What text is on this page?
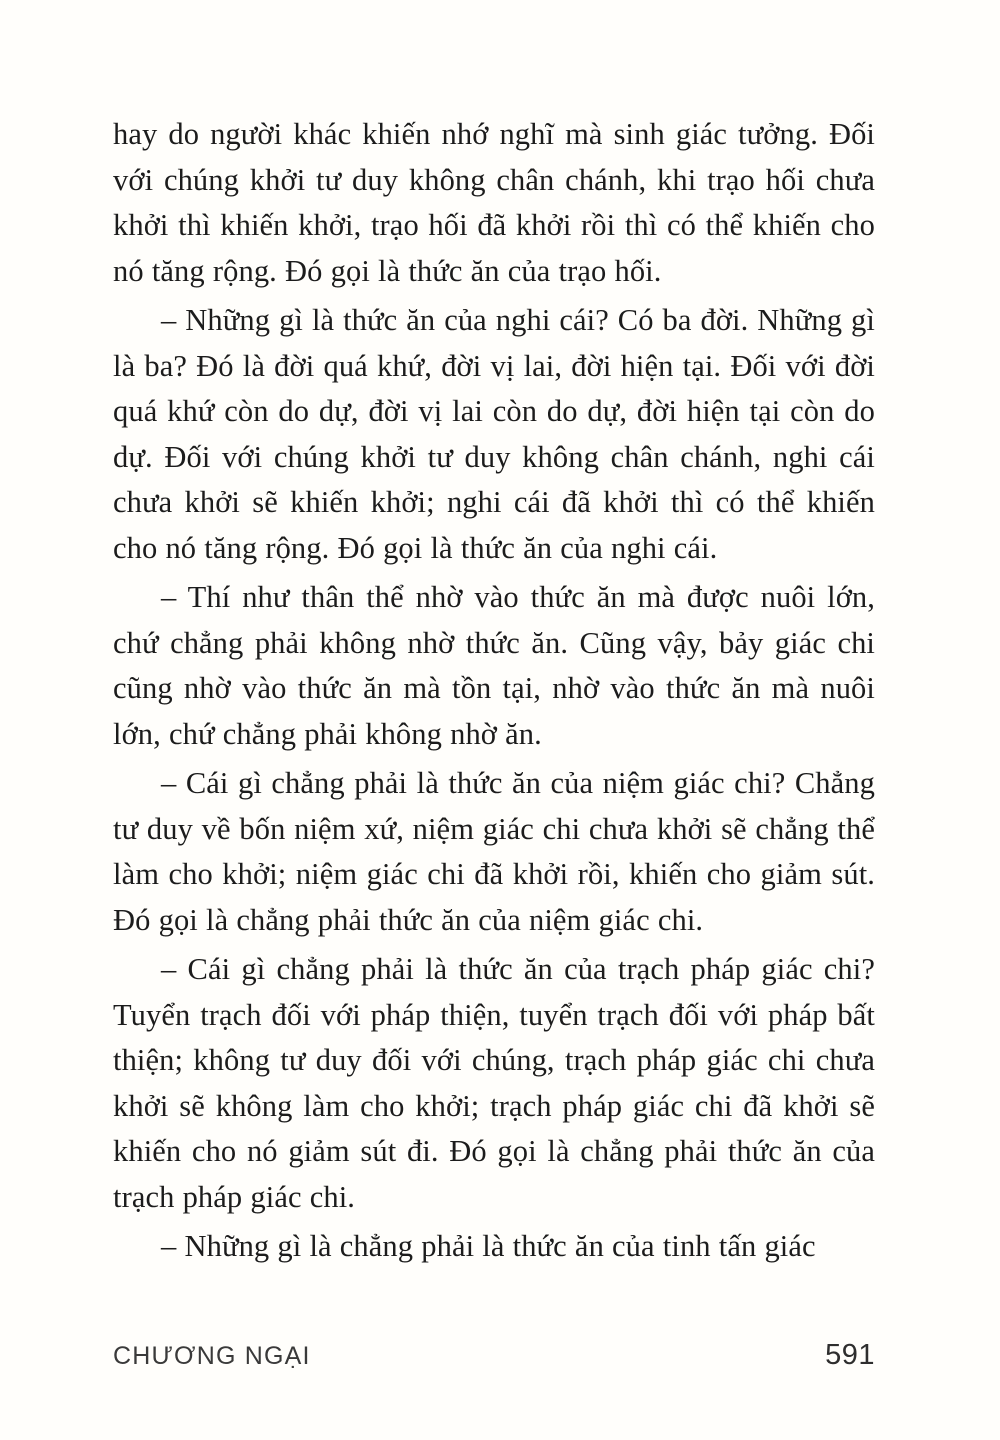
hay do người khác khiến nhớ nghĩ mà sinh giác tưởng. Đối với chúng khởi tư duy không chân chánh, khi trạo hối chưa khởi thì khiến khởi, trạo hối đã khởi rồi thì có thể khiến cho nó tăng rộng. Đó gọi là thức ăn của trạo hối.

– Những gì là thức ăn của nghi cái? Có ba đời. Những gì là ba? Đó là đời quá khứ, đời vị lai, đời hiện tại. Đối với đời quá khứ còn do dự, đời vị lai còn do dự, đời hiện tại còn do dự. Đối với chúng khởi tư duy không chân chánh, nghi cái chưa khởi sẽ khiến khởi; nghi cái đã khởi thì có thể khiến cho nó tăng rộng. Đó gọi là thức ăn của nghi cái.

– Thí như thân thể nhờ vào thức ăn mà được nuôi lớn, chứ chẳng phải không nhờ thức ăn. Cũng vậy, bảy giác chi cũng nhờ vào thức ăn mà tồn tại, nhờ vào thức ăn mà nuôi lớn, chứ chẳng phải không nhờ ăn.

– Cái gì chẳng phải là thức ăn của niệm giác chi? Chẳng tư duy về bốn niệm xứ, niệm giác chi chưa khởi sẽ chẳng thể làm cho khởi; niệm giác chi đã khởi rồi, khiến cho giảm sút. Đó gọi là chẳng phải thức ăn của niệm giác chi.

– Cái gì chẳng phải là thức ăn của trạch pháp giác chi? Tuyển trạch đối với pháp thiện, tuyển trạch đối với pháp bất thiện; không tư duy đối với chúng, trạch pháp giác chi chưa khởi sẽ không làm cho khởi; trạch pháp giác chi đã khởi sẽ khiến cho nó giảm sút đi. Đó gọi là chẳng phải thức ăn của trạch pháp giác chi.

– Những gì là chẳng phải là thức ăn của tinh tấn giác

CHƯƠNG NGẠI	591
